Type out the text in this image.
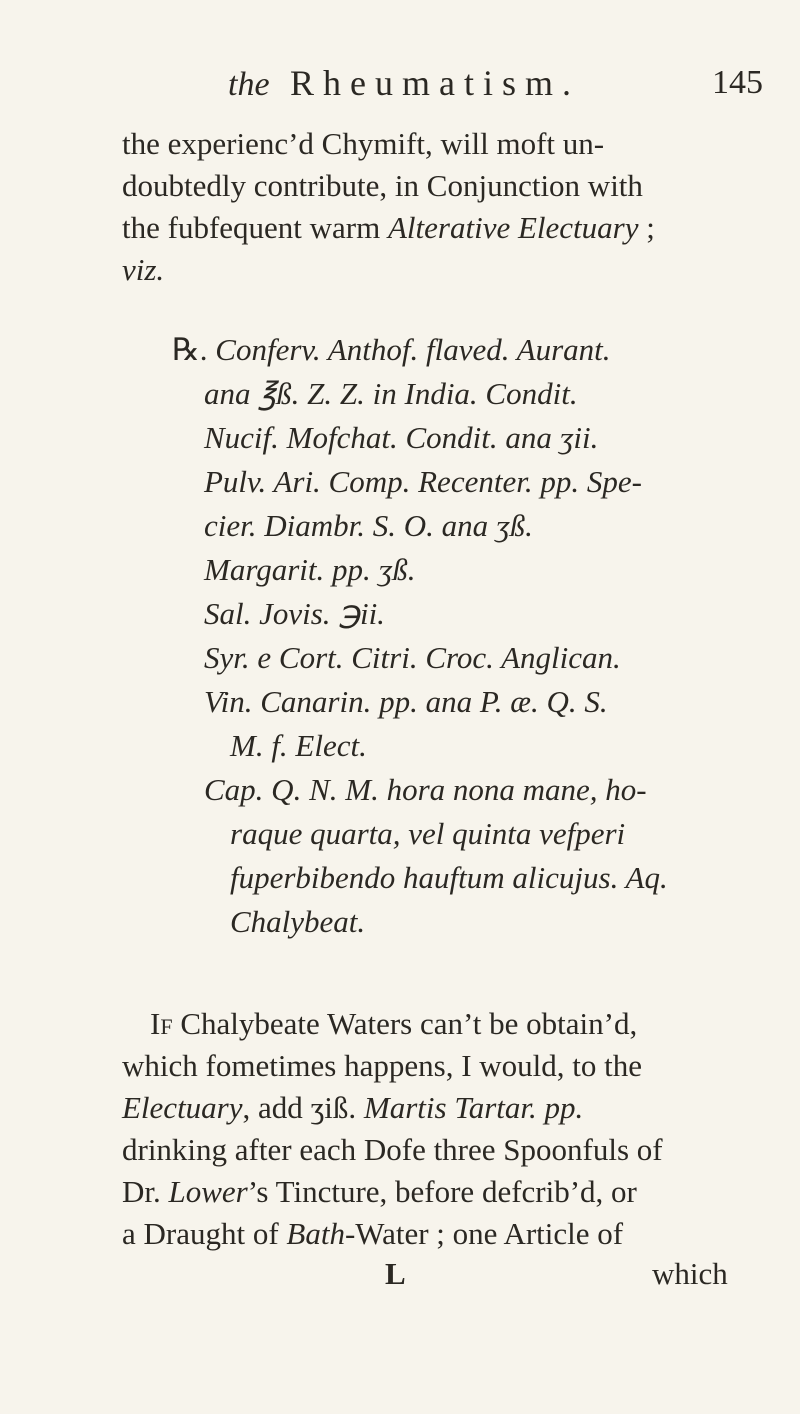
the Rheumatism.	145
the experienc’d Chymift, will moft un-
doubtedly contribute, in Conjunction with
the fubfequent warm Alterative Electuary ;
viz.
℞. Conferv. Anthof. flaved. Aurant.
ana ℥ß. Z. Z. in India. Condit.
Nucif. Mofchat. Condit. ana ʒii.
Pulv. Ari. Comp. Recenter. pp. Spe-
cier. Diambr. S. O. ana ʒß.
Margarit. pp. ʒß.
Sal. Jovis. ℈ii.
Syr. e Cort. Citri. Croc. Anglican.
Vin. Canarin. pp. ana P. æ. Q. S.
M. f. Elect.
Cap. Q. N. M. hora nona mane, ho-
raque quarta, vel quinta vefperi
fuperbibendo hauftum alicujus. Aq.
Chalybeat.
If Chalybeate Waters can’t be obtain’d,
which fometimes happens, I would, to the
Electuary, add ʒiß. Martis Tartar. pp.
drinking after each Dofe three Spoonfuls of
Dr. Lower’s Tincture, before defcrib’d, or
a Draught of Bath-Water ; one Article of
L	which
